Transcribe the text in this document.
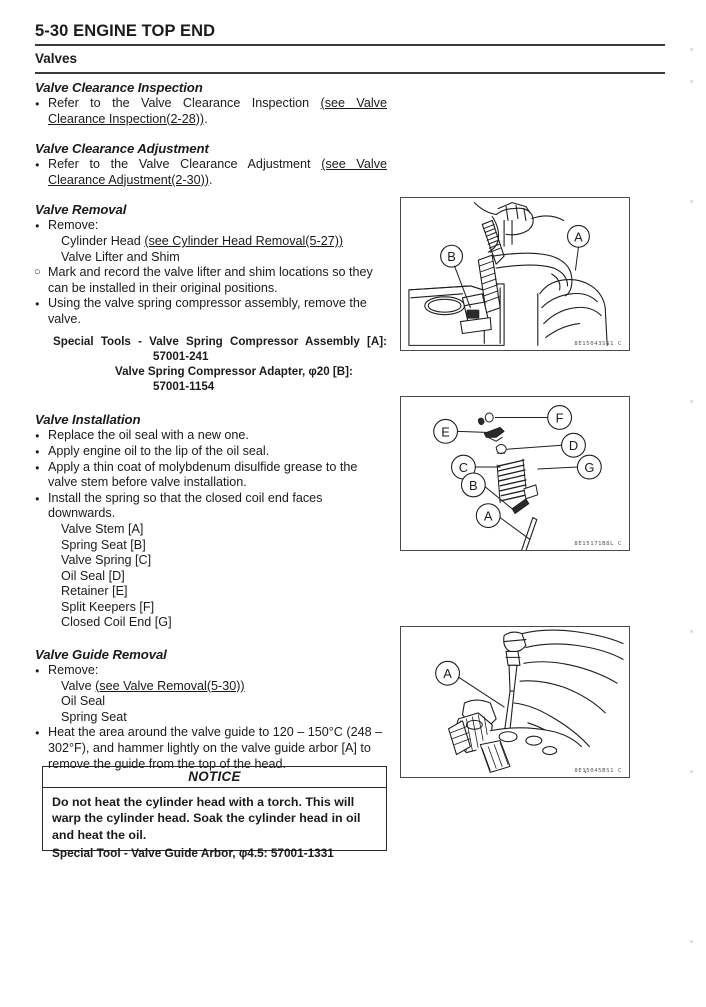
5-30 ENGINE TOP END
Valves
Valve Clearance Inspection
● Refer to the Valve Clearance Inspection (see Valve Clearance Inspection(2-28)).
Valve Clearance Adjustment
● Refer to the Valve Clearance Adjustment (see Valve Clearance Adjustment(2-30)).
Valve Removal
● Remove:
Cylinder Head (see Cylinder Head Removal(5-27))
Valve Lifter and Shim
○ Mark and record the valve lifter and shim locations so they can be installed in their original positions.
● Using the valve spring compressor assembly, remove the valve.
Special Tools - Valve Spring Compressor Assembly [A]:
57001-241
Valve Spring Compressor Adapter, φ20 [B]:
57001-1154
Valve Installation
● Replace the oil seal with a new one.
● Apply engine oil to the lip of the oil seal.
● Apply a thin coat of molybdenum disulfide grease to the valve stem before valve installation.
● Install the spring so that the closed coil end faces downwards.
Valve Stem [A]
Spring Seat [B]
Valve Spring [C]
Oil Seal [D]
Retainer [E]
Split Keepers [F]
Closed Coil End [G]
Valve Guide Removal
● Remove:
Valve (see Valve Removal(5-30))
Oil Seal
Spring Seat
● Heat the area around the valve guide to 120 – 150°C (248 – 302°F), and hammer lightly on the valve guide arbor [A] to remove the guide from the top of the head.
NOTICE
Do not heat the cylinder head with a torch. This will warp the cylinder head. Soak the cylinder head in oil and heat the oil.
Special Tool - Valve Guide Arbor, φ4.5: 57001-1331
A
B
8E15043SS1 C
F
E
D
C	G
B
A
8E15171B8L C
A
8E15045BS1 C
